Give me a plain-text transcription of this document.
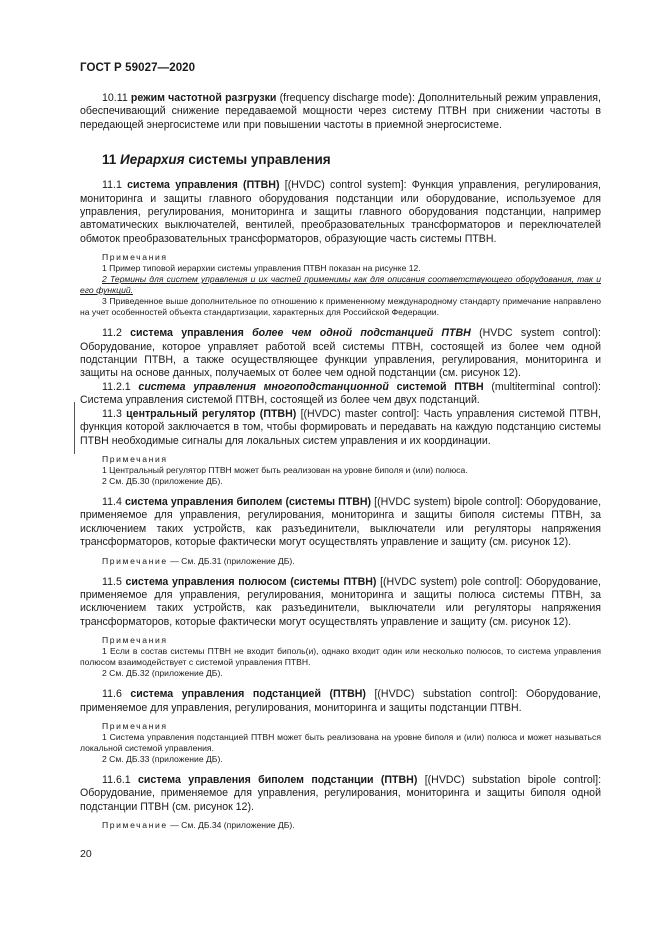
ГОСТ Р 59027—2020

10.11 режим частотной разгрузки (frequency discharge mode): Дополнительный режим управления, обеспечивающий снижение передаваемой мощности через систему ПТВН при снижении частоты в передающей энергосистеме или при повышении частоты в приемной энергосистеме.

11 Иерархия системы управления

11.1 система управления (ПТВН) [(HVDC) control system]: Функция управления, регулирования, мониторинга и защиты главного оборудования подстанции или оборудование, используемое для управления, регулирования, мониторинга и защиты главного оборудования подстанции, например автоматических выключателей, вентилей, преобразовательных трансформаторов и переключателей обмоток преобразовательных трансформаторов, образующие часть системы ПТВН.

Примечания

1 Пример типовой иерархии системы управления ПТВН показан на рисунке 12.

2 Термины для систем управления и их частей применимы как для описания соответствующего оборудования, так и его функций.

3 Приведенное выше дополнительное по отношению к примененному международному стандарту примечание направлено на учет особенностей объекта стандартизации, характерных для Российской Федерации.

11.2 система управления более чем одной подстанцией ПТВН (HVDC system control): Оборудование, которое управляет работой всей системы ПТВН, состоящей из более чем одной подстанции ПТВН, а также осуществляющее функции управления, регулирования, мониторинга и защиты на основе данных, получаемых от более чем одной подстанции (см. рисунок 12).

11.2.1 система управления многоподстанционной системой ПТВН (multiterminal control): Система управления системой ПТВН, состоящей из более чем двух подстанций.

11.3 центральный регулятор (ПТВН) [(HVDC) master control]: Часть управления системой ПТВН, функция которой заключается в том, чтобы формировать и передавать на каждую подстанцию системы ПТВН необходимые сигналы для локальных систем управления и их координации.

Примечания

1 Центральный регулятор ПТВН может быть реализован на уровне биполя и (или) полюса.

2 См. ДБ.30 (приложение ДБ).

11.4 система управления биполем (системы ПТВН) [(HVDC system) bipole control]: Оборудование, применяемое для управления, регулирования, мониторинга и защиты биполя системы ПТВН, за исключением таких устройств, как разъединители, выключатели или регуляторы напряжения трансформаторов, которые фактически могут осуществлять управление и защиту (см. рисунок 12).

Примечание — См. ДБ.31 (приложение ДБ).

11.5 система управления полюсом (системы ПТВН) [(HVDC system) pole control]: Оборудование, применяемое для управления, регулирования, мониторинга и защиты полюса системы ПТВН, за исключением таких устройств, как разъединители, выключатели или регуляторы напряжения трансформаторов, которые фактически могут осуществлять управление и защиту (см. рисунок 12).

Примечания

1 Если в состав системы ПТВН не входит биполь(и), однако входит один или несколько полюсов, то система управления полюсом взаимодействует с системой управления ПТВН.

2 См. ДБ.32 (приложение ДБ).

11.6 система управления подстанцией (ПТВН) [(HVDC) substation control]: Оборудование, применяемое для управления, регулирования, мониторинга и защиты подстанции ПТВН.

Примечания

1 Система управления подстанцией ПТВН может быть реализована на уровне биполя и (или) полюса и может называться локальной системой управления.

2 См. ДБ.33 (приложение ДБ).

11.6.1 система управления биполем подстанции (ПТВН) [(HVDC) substation bipole control]: Оборудование, применяемое для управления, регулирования, мониторинга и защиты биполя одной подстанции ПТВН (см. рисунок 12).

Примечание — См. ДБ.34 (приложение ДБ).

20
